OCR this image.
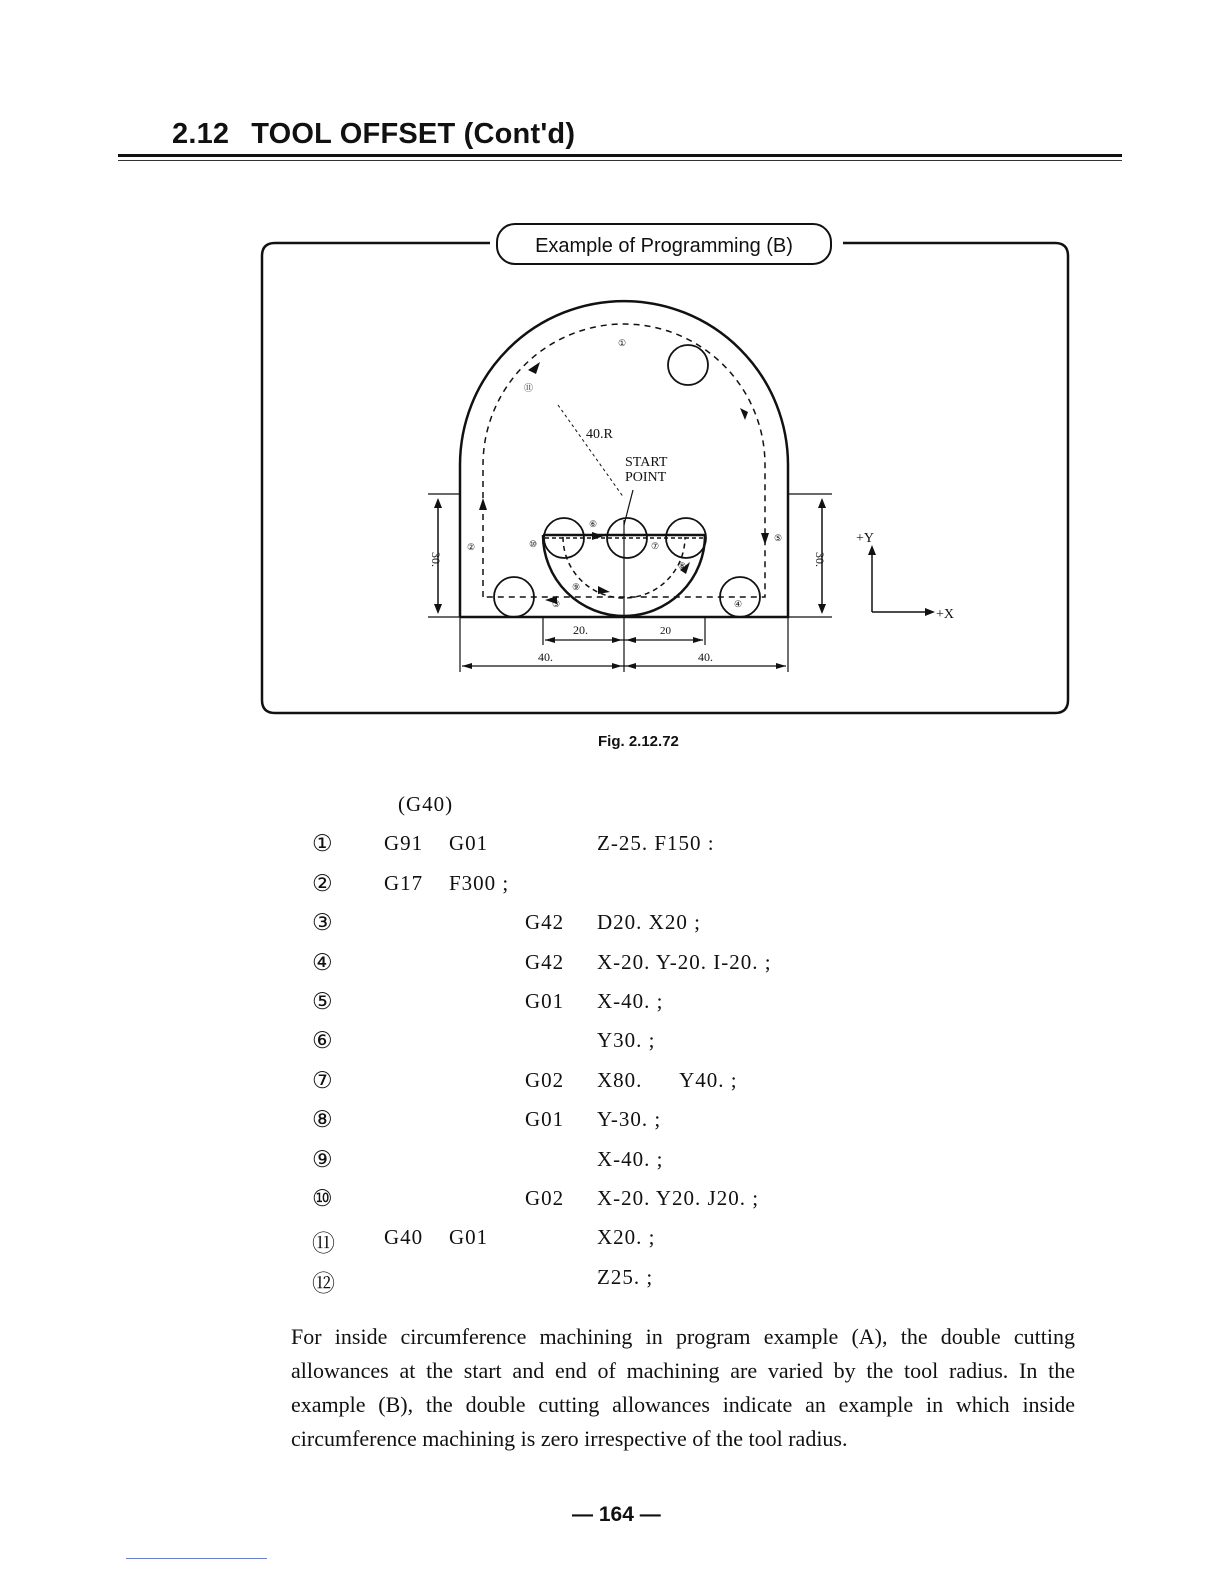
2.12 TOOL OFFSET (Cont'd)
Example of Programming (B)
40.R
START
POINT
30.	30.
20.	20
40.	40.
+Y
+X
①
②
③	④
⑤
⑥
⑦
⑧
⑨
⑩
⑪
Fig. 2.12.72
(G40)
① G91 G01	Z-25. F150 :
② G17 F300 ;
③	G42 D20. X20 ;
④	G42 X-20. Y-20. I-20. ;
⑤	G01 X-40. ;
⑥	Y30. ;
⑦	G02 X80.      Y40. ;
⑧	G01 Y-30. ;
⑨	X-40. ;
⑩	G02 X-20. Y20. J20. ;
⑪ G40 G01	X20. ;
⑫	Z25. ;
For inside circumference machining in program example (A), the double cutting allowances at the start and end of machining are varied by the tool radius. In the example (B), the double cutting allowances indicate an example in which inside circumference machining is zero irrespective of the tool radius.
— 164 —
